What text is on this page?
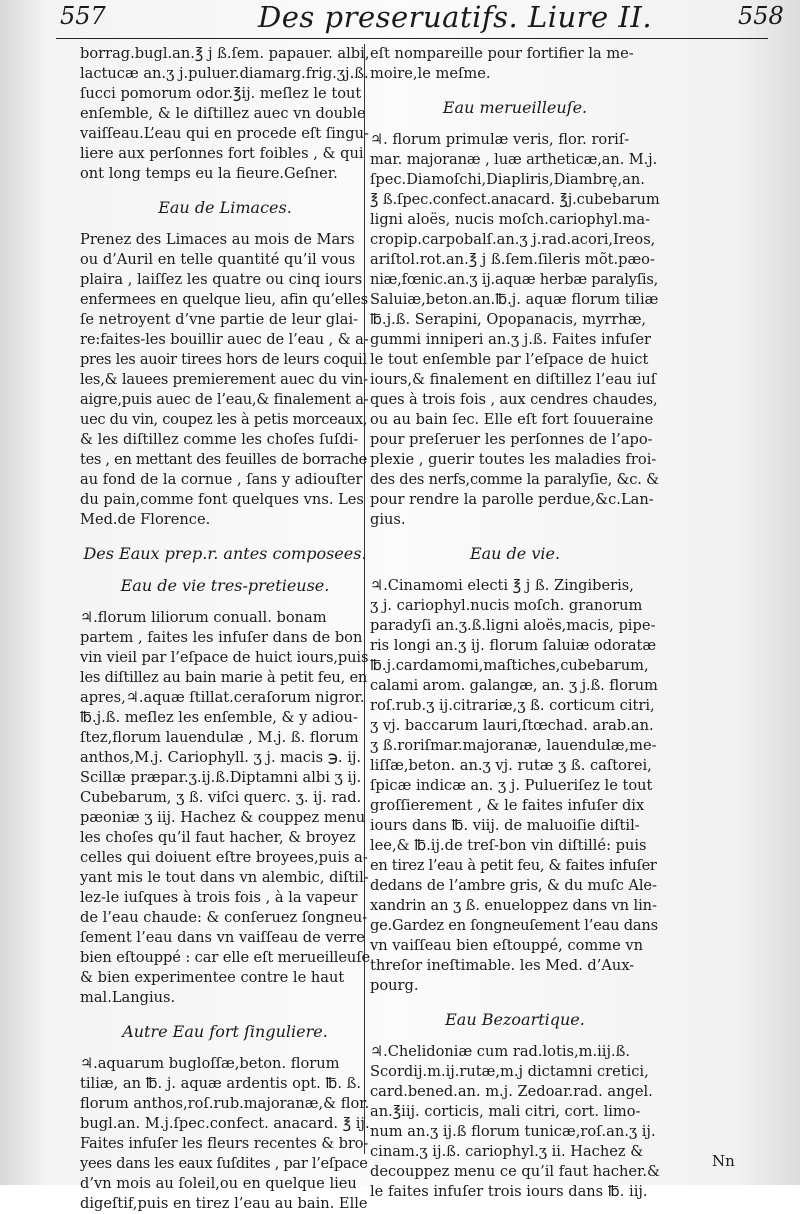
557	Des preseruatifs. Liure II.	558
borrag.bugl.an.℥ j ß.ſem. papauer. albi,
lactucæ an.ʒ j.puluer.diamarg.frig.ʒj.ß.
ſucci pomorum odor.℥ij. meſlez le tout
enſemble, & le diſtillez auec vn double
vaiſſeau.L’eau qui en procede eſt ſingu-
liere aux perſonnes fort foibles , & qui
ont long temps eu la fieure.Geſner.
Eau de Limaces.
Prenez des Limaces au mois de Mars
ou d’Auril en telle quantité qu’il vous
plaira , laiſſez les quatre ou cinq iours
enfermees en quelque lieu, afin qu’elles
ſe netroyent d’vne partie de leur glai-
re:faites-les bouillir auec de l’eau , & a-
pres les auoir tirees hors de leurs coquil
les,& lauees premierement auec du vin-
aigre,puis auec de l’eau,& finalement a-
uec du vin, coupez les à petis morceaux,
& les diſtillez comme les choſes ſuſdi-
tes , en mettant des feuilles de borrache
au fond de la cornue , ſans y adiouſter
du pain,comme font quelques vns. Les
Med.de Florence.
Des Eaux prep.r. antes composees.
Eau de vie tres-pretieuse.
♃.florum liliorum conuall. bonam
partem , faites les infuſer dans de bon
vin vieil par l’eſpace de huict iours,puis
les diſtillez au bain marie à petit feu, en
apres,♃.aquæ ſtillat.ceraſorum nigror.
℔.j.ß. meſlez les enſemble, & y adiou-
ſtez,florum lauendulæ , M.j. ß. florum
anthos,M.j. Cariophyll. ʒ j. macis ℈. ij.
Scillæ præpar.ʒ.ij.ß.Diptamni albi ʒ ij.
Cubebarum, ʒ ß. viſci querc. ʒ. ij. rad.
pæoniæ ʒ iij. Hachez & couppez menu
les choſes qu’il faut hacher, & broyez
celles qui doiuent eſtre broyees,puis a-
yant mis le tout dans vn alembic, diſtil-
lez-le iuſques à trois fois , à la vapeur
de l’eau chaude: & conſeruez ſongneu-
ſement l’eau dans vn vaiſſeau de verre
bien eſtouppé : car elle eſt merueilleuſe
& bien experimentee contre le haut
mal.Langius.
Autre Eau fort ſinguliere.
♃.aquarum bugloſſæ,beton. florum
tiliæ, an ℔. j. aquæ ardentis opt. ℔. ß.
florum anthos,roſ.rub.majoranæ,& flor.
bugl.an. M.j.ſpec.confect. anacard. ℥ ij.
Faites infuſer les fleurs recentes & bro-
yees dans les eaux ſuſdites , par l’eſpace
d’vn mois au ſoleil,ou en quelque lieu
digeſtif,puis en tirez l’eau au bain. Elle
eſt nompareille pour fortifier la me-
moire,le meſme.
Eau merueilleuſe.
♃. florum primulæ veris, flor. roriſ-
mar. majoranæ , luæ artheticæ,an. M.j.
ſpec.Diamoſchi,Diapliris,Diambrę,an.
℥ ß.ſpec.confect.anacard. ℥j.cubebarum
ligni aloës, nucis moſch.cariophyl.ma-
cropip.carpobalſ.an.ʒ j.rad.acori,Ireos,
ariſtol.rot.an.℥ j ß.ſem.ſileris mõt.pæo-
niæ,fœnic.an.ʒ ij.aquæ herbæ paralyſis,
Saluiæ,beton.an.℔.j. aquæ florum tiliæ
℔.j.ß. Serapini, Opopanacis, myrrhæ,
gummi inniperi an.ʒ j.ß. Faites infuſer
le tout enſemble par l’eſpace de huict
iours,& finalement en diſtillez l’eau iuſ
ques à trois fois , aux cendres chaudes,
ou au bain ſec. Elle eſt fort ſouueraine
pour preſeruer les perſonnes de l’apo-
plexie , guerir toutes les maladies froi-
des des nerfs,comme la paralyſie, &c. &
pour rendre la parolle perdue,&c.Lan-
gius.
Eau de vie.
♃.Cinamomi electi ℥ j ß. Zingiberis,
ʒ j. cariophyl.nucis moſch. granorum
paradyſi an.ʒ.ß.ligni aloës,macis, pipe-
ris longi an.ʒ ij. florum ſaluiæ odoratæ
℔.j.cardamomi,maſtiches,cubebarum,
calami arom. galangæ, an. ʒ j.ß. florum
roſ.rub.ʒ ij.citrariæ,ʒ ß. corticum citri,
ʒ vj. baccarum lauri,ſtœchad. arab.an.
ʒ ß.roriſmar.majoranæ, lauendulæ,me-
liſſæ,beton. an.ʒ vj. rutæ ʒ ß. caſtorei,
ſpicæ indicæ an. ʒ j. Puluеriſez le tout
groſſierement , & le faites infuſer dix
iours dans ℔. viij. de maluoiſie diſtil-
lee,& ℔.ij.de treſ-bon vin diſtillé: puis
en tirez l’eau à petit feu, & faites infuſer
dedans de l’ambre gris, & du muſc Ale-
xandrin an ʒ ß. enueloppez dans vn lin-
ge.Gardez en ſongneuſement l’eau dans
vn vaiſſeau bien eſtouppé, comme vn
threſor ineſtimable. les Med. d’Aux-
pourg.
Eau Bezoartique.
♃.Chelidoniæ cum rad.lotis,m.iij.ß.
Scordij.m.ij.rutæ,m.j dictamni cretici,
card.bened.an. m.j. Zedoar.rad. angel.
an.℥iij. corticis, mali citri, cort. limo-
num an.ʒ ij.ß florum tunicæ,roſ.an.ʒ ij.
cinam.ʒ ij.ß. cariophyl.ʒ ii. Hachez &
decouppez menu ce qu’il faut hacher.&
le faites infuſer trois iours dans ℔. iij.
Nn
